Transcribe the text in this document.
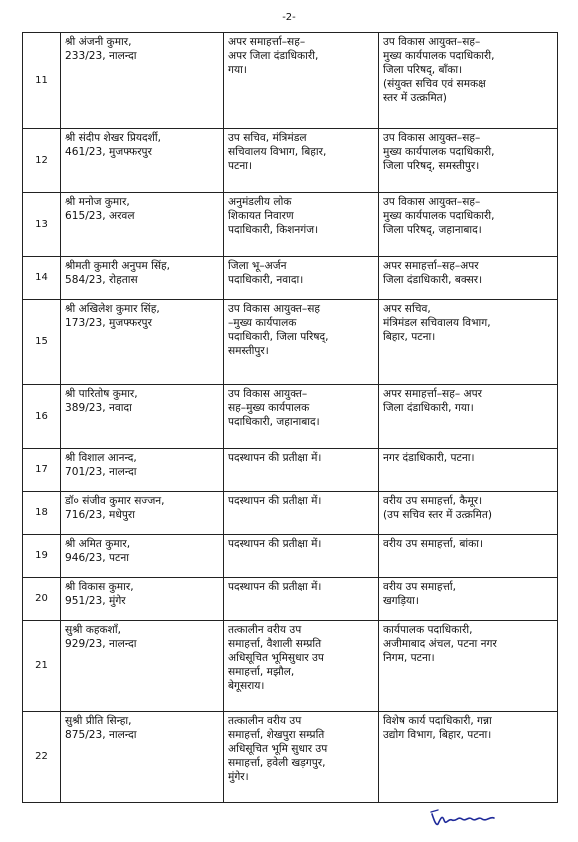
-2-
11	श्री अंजनी कुमार,
233/23, नालन्दा	अपर समाहर्त्ता–सह–
अपर जिला दंडाधिकारी,
गया।	उप विकास आयुक्त–सह–
मुख्य कार्यपालक पदाधिकारी,
जिला परिषद्, बाँका।
(संयुक्त सचिव एवं समकक्ष
स्तर में उत्क्रमित)

12	श्री संदीप शेखर प्रियदर्शी,
461/23, मुजफ्फरपुर	उप सचिव, मंत्रिमंडल
सचिवालय विभाग, बिहार,
पटना।	उप विकास आयुक्त–सह–
मुख्य कार्यपालक पदाधिकारी,
जिला परिषद्, समस्तीपुर।

13	श्री मनोज कुमार,
615/23, अरवल	अनुमंडलीय लोक
शिकायत निवारण
पदाधिकारी, किशनगंज।	उप विकास आयुक्त–सह–
मुख्य कार्यपालक पदाधिकारी,
जिला परिषद्, जहानाबाद।

14	श्रीमती कुमारी अनुपम सिंह,
584/23, रोहतास	जिला भू–अर्जन
पदाधिकारी, नवादा।	अपर समाहर्त्ता–सह–अपर
जिला दंडाधिकारी, बक्सर।

15	श्री अखिलेश कुमार सिंह,
173/23, मुजफ्फरपुर	उप विकास आयुक्त–सह
–मुख्य कार्यपालक
पदाधिकारी, जिला परिषद्,
समस्तीपुर।	अपर सचिव,
मंत्रिमंडल सचिवालय विभाग,
बिहार, पटना।

16	श्री पारितोष कुमार,
389/23, नवादा	उप विकास आयुक्त–
सह–मुख्य कार्यपालक
पदाधिकारी, जहानाबाद।	अपर समाहर्त्ता–सह– अपर
जिला दंडाधिकारी, गया।

17	श्री विशाल आनन्द,
701/23, नालन्दा	पदस्थापन की प्रतीक्षा में।	नगर दंडाधिकारी, पटना।

18	डॉ० संजीव कुमार सज्जन,
716/23, मधेपुरा	पदस्थापन की प्रतीक्षा में।	वरीय उप समाहर्त्ता, कैमूर।
(उप सचिव स्तर में उत्क्रमित)

19	श्री अमित कुमार,
946/23, पटना	पदस्थापन की प्रतीक्षा में।	वरीय उप समाहर्त्ता, बांका।

20	श्री विकास कुमार,
951/23, मुंगेर	पदस्थापन की प्रतीक्षा में।	वरीय उप समाहर्त्ता,
खगड़िया।

21	सुश्री कहकशाँ,
929/23, नालन्दा	तत्कालीन वरीय उप
समाहर्त्ता, वैशाली सम्प्रति
अधिसूचित भूमिसुधार उप
समाहर्त्ता, मझौल,
बेगूसराय।	कार्यपालक पदाधिकारी,
अजीमाबाद अंचल, पटना नगर
निगम, पटना।

22	सुश्री प्रीति सिन्हा,
875/23, नालन्दा	तत्कालीन वरीय उप
समाहर्त्ता, शेखपुरा सम्प्रति
अधिसूचित भूमि सुधार उप
समाहर्त्ता, हवेली खड़गपुर,
मुंगेर।	विशेष कार्य पदाधिकारी, गन्ना
उद्योग विभाग, बिहार, पटना।
